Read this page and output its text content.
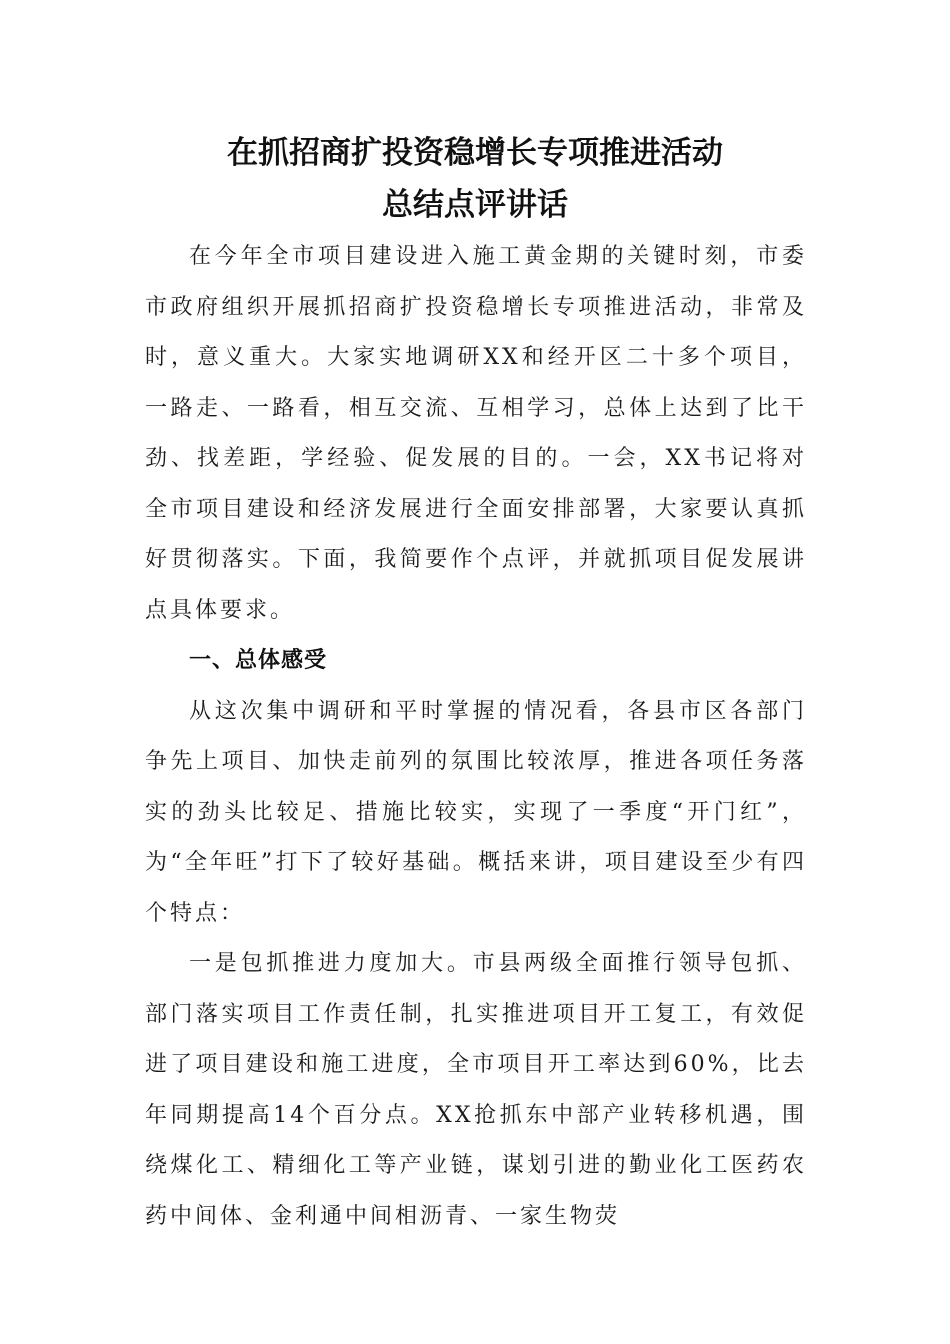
在抓招商扩投资稳增长专项推进活动
总结点评讲话

在今年全市项目建设进入施工黄金期的关键时刻，市委市政府组织开展抓招商扩投资稳增长专项推进活动，非常及时，意义重大。大家实地调研XX和经开区二十多个项目，一路走、一路看，相互交流、互相学习，总体上达到了比干劲、找差距，学经验、促发展的目的。一会，XX书记将对全市项目建设和经济发展进行全面安排部署，大家要认真抓好贯彻落实。下面，我简要作个点评，并就抓项目促发展讲点具体要求。

一、总体感受

从这次集中调研和平时掌握的情况看，各县市区各部门争先上项目、加快走前列的氛围比较浓厚，推进各项任务落实的劲头比较足、措施比较实，实现了一季度“开门红”，为“全年旺”打下了较好基础。概括来讲，项目建设至少有四个特点：

一是包抓推进力度加大。市县两级全面推行领导包抓、部门落实项目工作责任制，扎实推进项目开工复工，有效促进了项目建设和施工进度，全市项目开工率达到60%，比去年同期提高14个百分点。XX抢抓东中部产业转移机遇，围绕煤化工、精细化工等产业链，谋划引进的勤业化工医药农药中间体、金利通中间相沥青、一家生物荧
